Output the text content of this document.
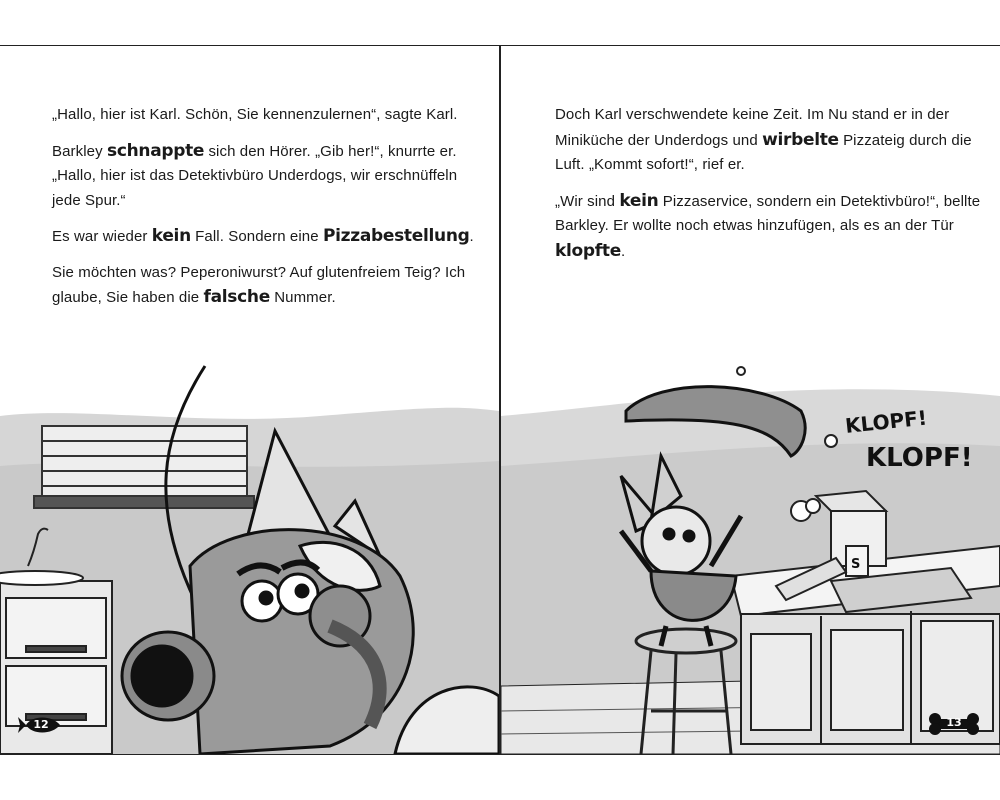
„Hallo, hier ist Karl. Schön, Sie kennenzulernen“, sagte Karl.

Barkley schnappte sich den Hörer. „Gib her!“, knurrte er. „Hallo, hier ist das Detektivbüro Underdogs, wir erschnüffeln jede Spur.“

Es war wieder kein Fall. Sondern eine Pizzabestellung.

Sie möchten was? Peperoniwurst? Auf glutenfreiem Teig? Ich glaube, Sie haben die falsche Nummer.

12

Doch Karl verschwendete keine Zeit. Im Nu stand er in der Miniküche der Underdogs und wirbelte Pizzateig durch die Luft. „Kommt sofort!“, rief er.

„Wir sind kein Pizzaservice, sondern ein Detektivbüro!“, bellte Barkley. Er wollte noch etwas hinzufügen, als es an der Tür klopfte.

KLOPF!
KLOPF!
S
13
